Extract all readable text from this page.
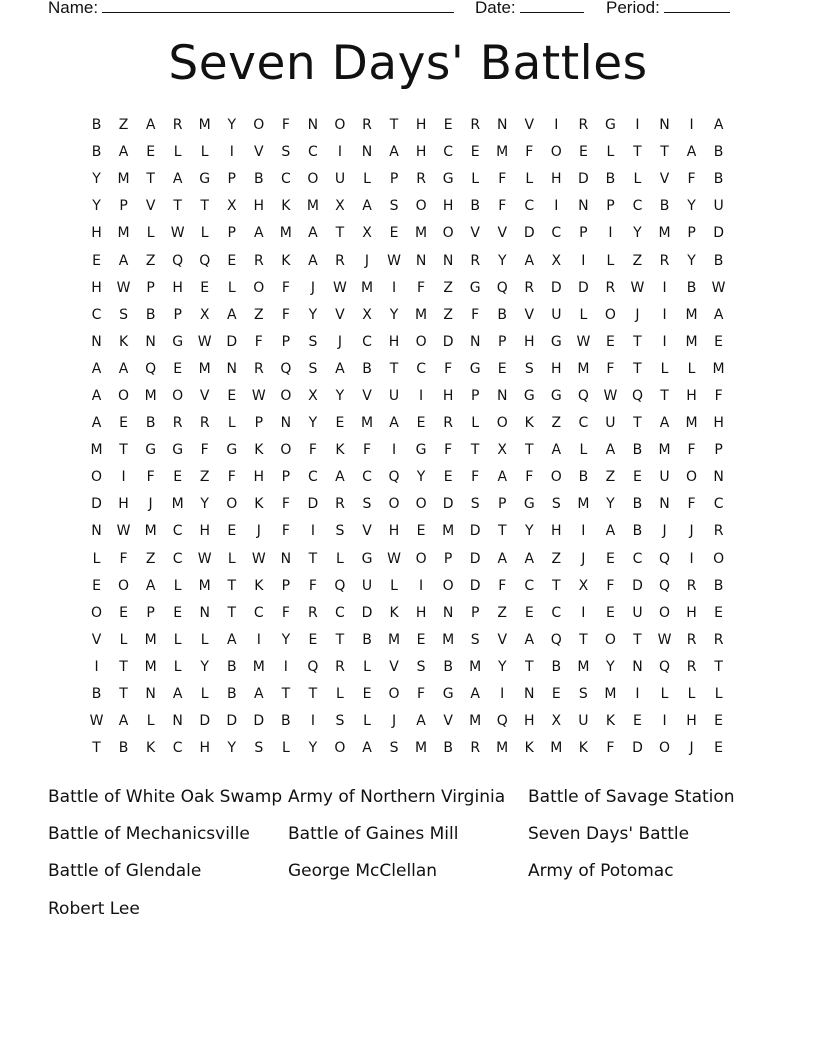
Name:	Date:	Period:
Seven Days' Battles
B	Z	A	R	M	Y	O	F	N	O	R	T	H	E	R	N	V	I	R	G	I	N	I	A
B	A	E	L	L	I	V	S	C	I	N	A	H	C	E	M	F	O	E	L	T	T	A	B
Y	M	T	A	G	P	B	C	O	U	L	P	R	G	L	F	L	H	D	B	L	V	F	B
Y	P	V	T	T	X	H	K	M	X	A	S	O	H	B	F	C	I	N	P	C	B	Y	U
H	M	L	W	L	P	A	M	A	T	X	E	M	O	V	V	D	C	P	I	Y	M	P	D
E	A	Z	Q	Q	E	R	K	A	R	J	W	N	N	R	Y	A	X	I	L	Z	R	Y	B
H	W	P	H	E	L	O	F	J	W	M	I	F	Z	G	Q	R	D	D	R	W	I	B	W
C	S	B	P	X	A	Z	F	Y	V	X	Y	M	Z	F	B	V	U	L	O	J	I	M	A
N	K	N	G	W	D	F	P	S	J	C	H	O	D	N	P	H	G	W	E	T	I	M	E
A	A	Q	E	M	N	R	Q	S	A	B	T	C	F	G	E	S	H	M	F	T	L	L	M
A	O	M	O	V	E	W	O	X	Y	V	U	I	H	P	N	G	G	Q	W	Q	T	H	F
A	E	B	R	R	L	P	N	Y	E	M	A	E	R	L	O	K	Z	C	U	T	A	M	H
M	T	G	G	F	G	K	O	F	K	F	I	G	F	T	X	T	A	L	A	B	M	F	P
O	I	F	E	Z	F	H	P	C	A	C	Q	Y	E	F	A	F	O	B	Z	E	U	O	N
D	H	J	M	Y	O	K	F	D	R	S	O	O	D	S	P	G	S	M	Y	B	N	F	C
N	W	M	C	H	E	J	F	I	S	V	H	E	M	D	T	Y	H	I	A	B	J	J	R
L	F	Z	C	W	L	W	N	T	L	G	W	O	P	D	A	A	Z	J	E	C	Q	I	O
E	O	A	L	M	T	K	P	F	Q	U	L	I	O	D	F	C	T	X	F	D	Q	R	B
O	E	P	E	N	T	C	F	R	C	D	K	H	N	P	Z	E	C	I	E	U	O	H	E
V	L	M	L	L	A	I	Y	E	T	B	M	E	M	S	V	A	Q	T	O	T	W	R	R
I	T	M	L	Y	B	M	I	Q	R	L	V	S	B	M	Y	T	B	M	Y	N	Q	R	T
B	T	N	A	L	B	A	T	T	L	E	O	F	G	A	I	N	E	S	M	I	L	L	L
W	A	L	N	D	D	D	B	I	S	L	J	A	V	M	Q	H	X	U	K	E	I	H	E
T	B	K	C	H	Y	S	L	Y	O	A	S	M	B	R	M	K	M	K	F	D	O	J	E
Battle of White Oak Swamp Army of Northern Virginia	Battle of Savage Station
Battle of Mechanicsville	Battle of Gaines Mill	Seven Days' Battle
Battle of Glendale	George McClellan	Army of Potomac
Robert Lee
